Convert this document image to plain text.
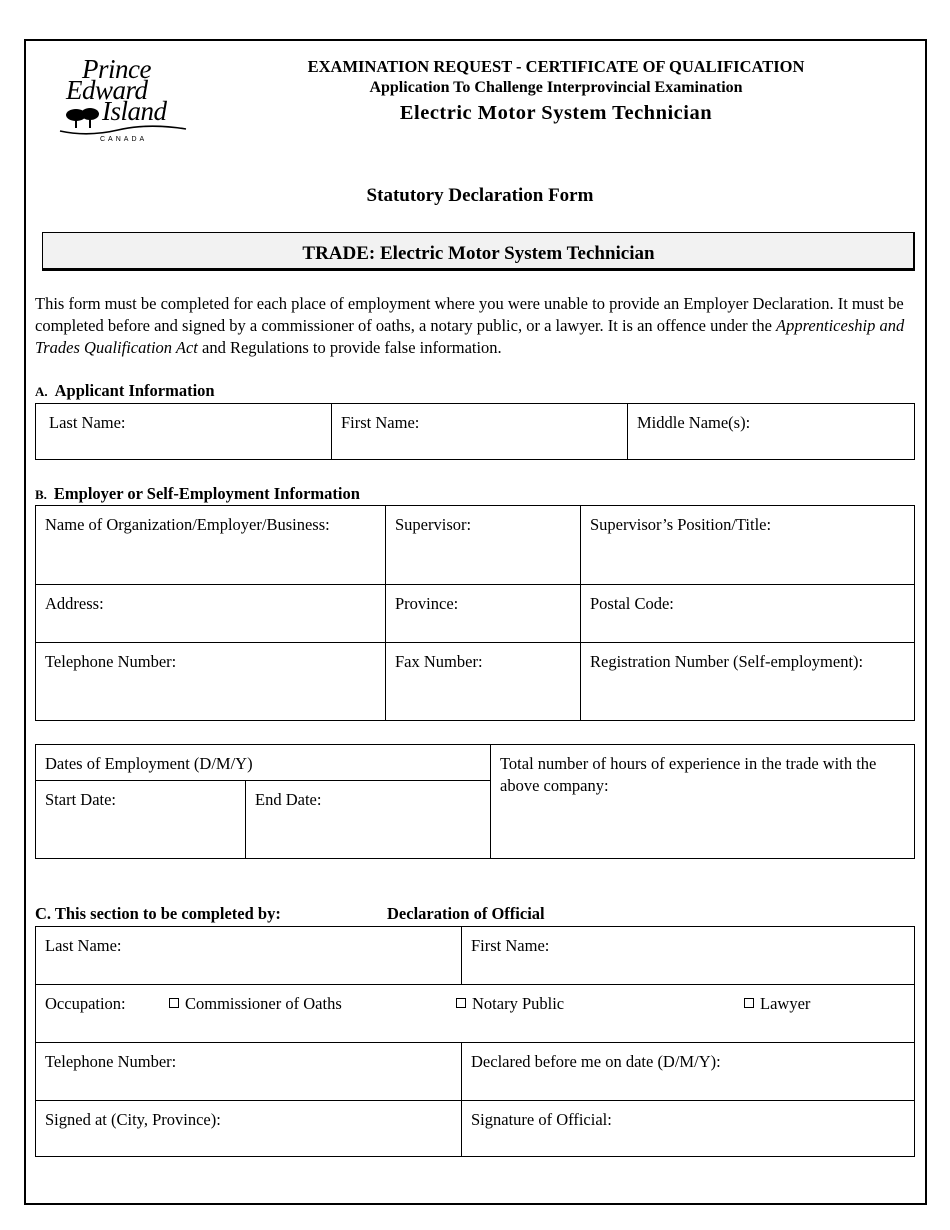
Prince
Edward
Island
CANADA
EXAMINATION REQUEST - CERTIFICATE OF QUALIFICATION
Application To Challenge Interprovincial Examination
Electric Motor System Technician
Statutory Declaration Form
TRADE: Electric Motor System Technician
This form must be completed for each place of employment where you were unable to provide an Employer Declaration. It must be completed before and signed by a commissioner of oaths, a notary public, or a lawyer. It is an offence under the Apprenticeship and Trades Qualification Act and Regulations to provide false information.
A. Applicant Information
Last Name:	First Name:	Middle Name(s):
B. Employer or Self-Employment Information
Name of Organization/Employer/Business:	Supervisor:	Supervisor’s Position/Title:
Address:	Province:	Postal Code:
Telephone Number:	Fax Number:	Registration Number (Self-employment):
Dates of Employment (D/M/Y)
Start Date:	End Date:
Total number of hours of experience in the trade with the above company:
C. This section to be completed by:	Declaration of Official
Last Name:	First Name:
Occupation:	Commissioner of Oaths	Notary Public	Lawyer
Telephone Number:	Declared before me on date (D/M/Y):
Signed at (City, Province):	Signature of Official:
